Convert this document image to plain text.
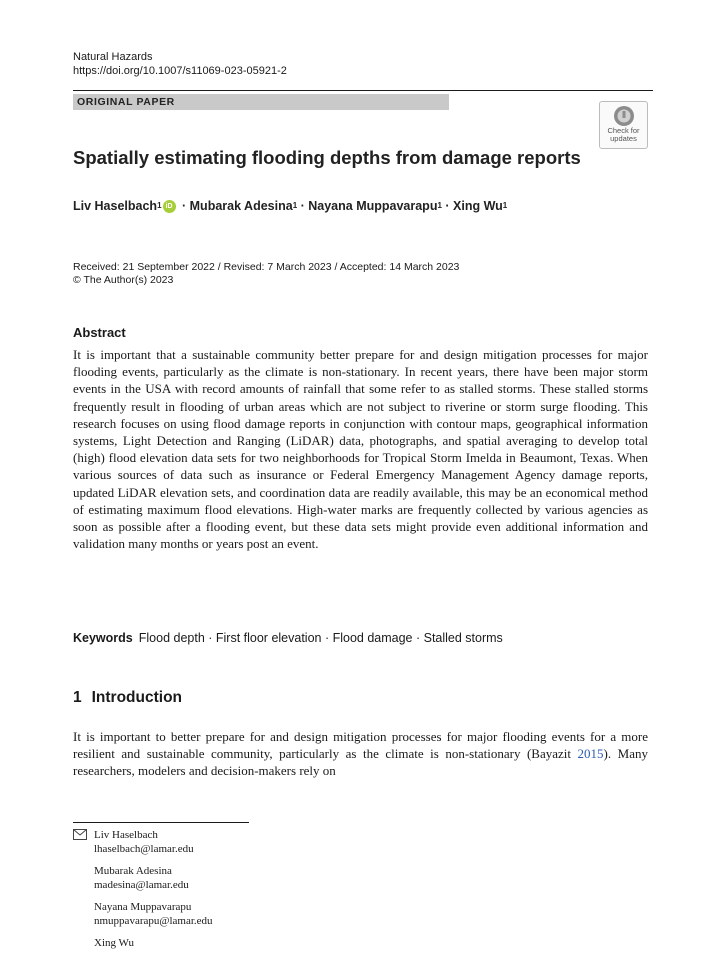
Natural Hazards
https://doi.org/10.1007/s11069-023-05921-2
ORIGINAL PAPER
Check for
updates
Spatially estimating flooding depths from damage reports
Liv Haselbach$^1$ iD · Mubarak Adesina$^1$ · Nayana Muppavarapu$^1$ · Xing Wu$^1$
Received: 21 September 2022 / Revised: 7 March 2023 / Accepted: 14 March 2023
© The Author(s) 2023
Abstract
It is important that a sustainable community better prepare for and design mitigation processes for major flooding events, particularly as the climate is non-stationary. In recent years, there have been major storm events in the USA with record amounts of rainfall that some refer to as stalled storms. These stalled storms frequently result in flooding of urban areas which are not subject to riverine or storm surge flooding. This research focuses on using flood damage reports in conjunction with contour maps, geographical information systems, Light Detection and Ranging (LiDAR) data, photographs, and spatial averaging to develop total (high) flood elevation data sets for two neighborhoods for Tropical Storm Imelda in Beaumont, Texas. When various sources of data such as insurance or Federal Emergency Management Agency damage reports, updated LiDAR elevation sets, and coordination data are readily available, this may be an economical method of estimating maximum flood elevations. High-water marks are frequently collected by various agencies as soon as possible after a flooding event, but these data sets might provide even additional information and validation many months or years post an event.
Keywords Flood depth · First floor elevation · Flood damage · Stalled storms
1 Introduction
It is important to better prepare for and design mitigation processes for major flooding events for a more resilient and sustainable community, particularly as the climate is non-stationary (Bayazit 2015). Many researchers, modelers and decision-makers rely on
Liv Haselbach
lhaselbach@lamar.edu
Mubarak Adesina
madesina@lamar.edu
Nayana Muppavarapu
nmuppavarapu@lamar.edu
Xing Wu
